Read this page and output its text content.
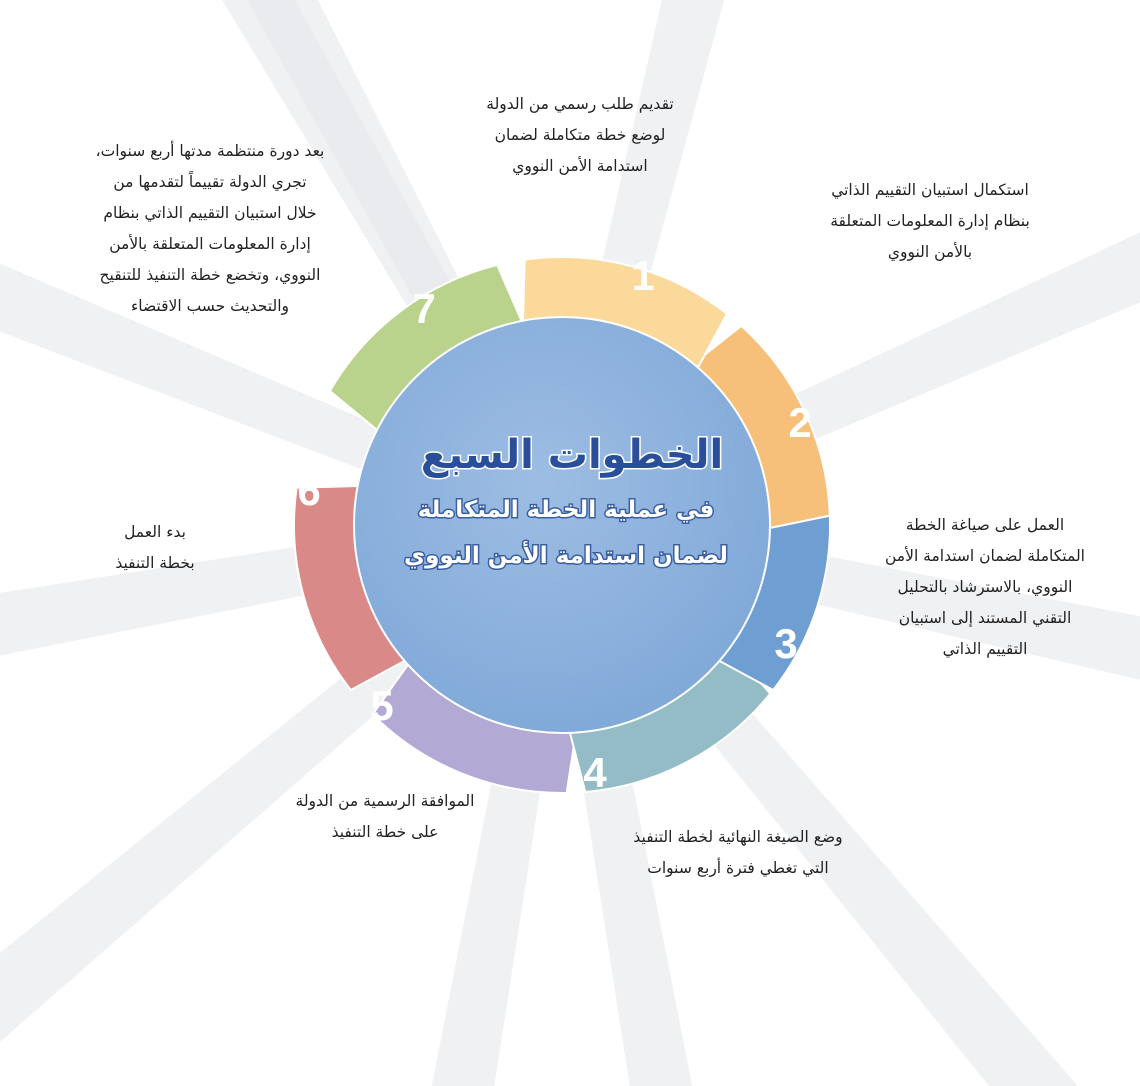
الخطوات السبع
في عملية الخطة المتكاملة
لضمان استدامة الأمن النووي
7
6
5
4
3
2
1
تقديم طلب رسمي من الدولة
لوضع خطة متكاملة لضمان
استدامة الأمن النووي
استكمال استبيان التقييم الذاتي
بنظام إدارة المعلومات المتعلقة
بالأمن النووي
العمل على صياغة الخطة
المتكاملة لضمان استدامة الأمن
النووي، بالاسترشاد بالتحليل
التقني المستند إلى استبيان
التقييم الذاتي
وضع الصيغة النهائية لخطة التنفيذ
التي تغطي فترة أربع سنوات
الموافقة الرسمية من الدولة
على خطة التنفيذ
بدء العمل
بخطة التنفيذ
بعد دورة منتظمة مدتها أربع سنوات،
تجري الدولة تقييماً لتقدمها من
خلال استبيان التقييم الذاتي بنظام
إدارة المعلومات المتعلقة بالأمن
النووي، وتخضع خطة التنفيذ للتنقيح
والتحديث حسب الاقتضاء
